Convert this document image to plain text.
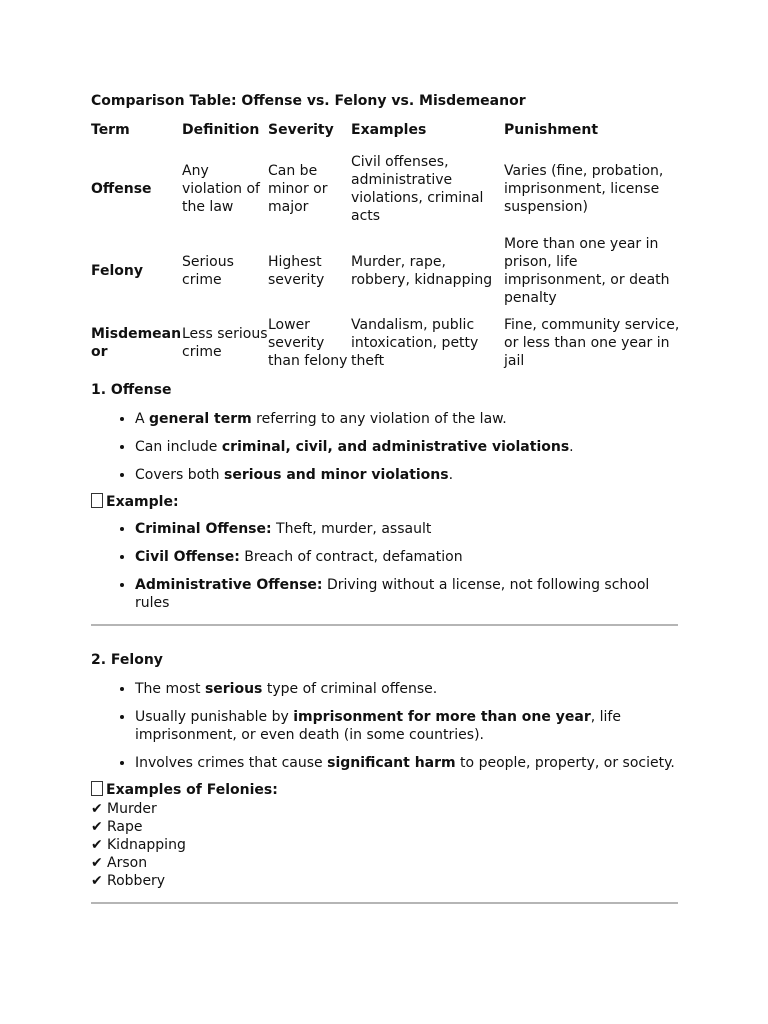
Comparison Table: Offense vs. Felony vs. Misdemeanor
Term	Definition	Severity	Examples	Punishment
Offense	Any violation of the law	Can be minor or major	Civil offenses, administrative violations, criminal acts	Varies (fine, probation, imprisonment, license suspension)
Felony	Serious crime	Highest severity	Murder, rape, robbery, kidnapping	More than one year in prison, life imprisonment, or death penalty
Misdemeanor	Less serious crime	Lower severity than felony	Vandalism, public intoxication, petty theft	Fine, community service, or less than one year in jail
1. Offense
• A general term referring to any violation of the law.
• Can include criminal, civil, and administrative violations.
• Covers both serious and minor violations.
Example:
• Criminal Offense: Theft, murder, assault
• Civil Offense: Breach of contract, defamation
• Administrative Offense: Driving without a license, not following school rules
2. Felony
• The most serious type of criminal offense.
• Usually punishable by imprisonment for more than one year, life imprisonment, or even death (in some countries).
• Involves crimes that cause significant harm to people, property, or society.
Examples of Felonies:
✔ Murder
✔ Rape
✔ Kidnapping
✔ Arson
✔ Robbery
